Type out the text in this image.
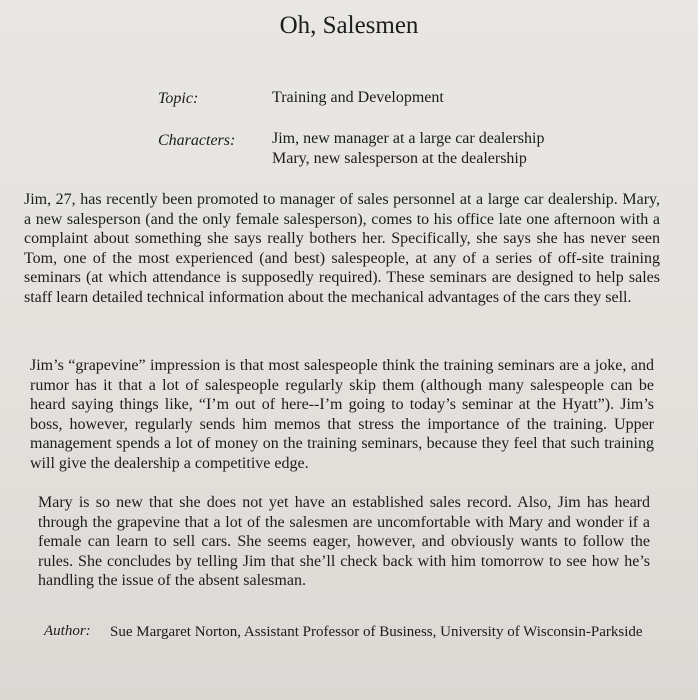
Oh, Salesmen
Topic:	Training and Development
Characters: Jim, new manager at a large car dealership
Mary, new salesperson at the dealership
Jim, 27, has recently been promoted to manager of sales personnel at a large car dealership. Mary, a new salesperson (and the only female salesperson), comes to his office late one afternoon with a complaint about something she says really bothers her. Specifically, she says she has never seen Tom, one of the most experienced (and best) salespeople, at any of a series of off-site training seminars (at which attendance is supposedly required). These seminars are designed to help sales staff learn detailed technical information about the mechanical advantages of the cars they sell.
Jim’s “grapevine” impression is that most salespeople think the training seminars are a joke, and rumor has it that a lot of salespeople regularly skip them (although many salespeople can be heard saying things like, “I’m out of here--I’m going to today’s seminar at the Hyatt”). Jim’s boss, however, regularly sends him memos that stress the importance of the training. Upper management spends a lot of money on the training seminars, because they feel that such training will give the dealership a competitive edge.
Mary is so new that she does not yet have an established sales record. Also, Jim has heard through the grapevine that a lot of the salesmen are uncomfortable with Mary and wonder if a female can learn to sell cars. She seems eager, however, and obviously wants to follow the rules. She concludes by telling Jim that she’ll check back with him tomorrow to see how he’s handling the issue of the absent salesman.
Author: Sue Margaret Norton, Assistant Professor of Business, University of Wisconsin-Parkside
